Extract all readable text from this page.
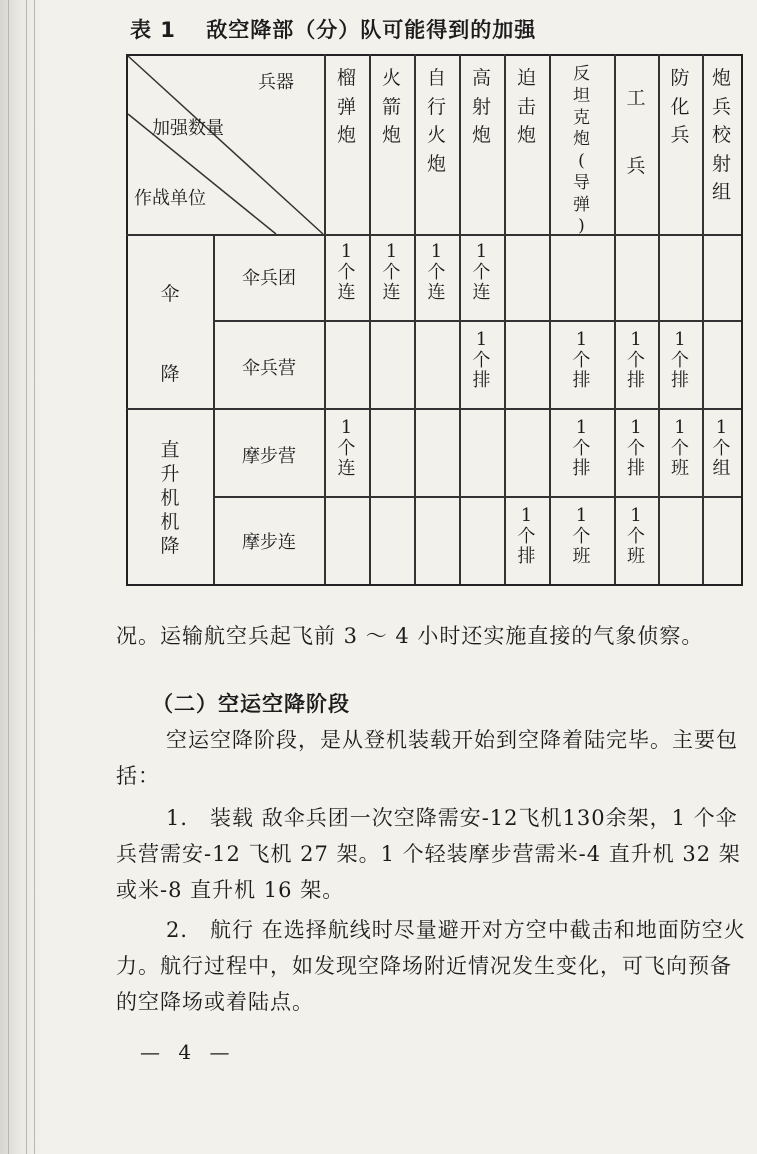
表 1 敌空降部（分）队可能得到的加强
兵器
加强数量
作战单位
榴
弹
炮
火
箭
炮
自
行
火
炮
高
射
炮
迫
击
炮
反
坦
克
炮
(
导
弹
)
工
兵
防
化
兵
炮
兵
校
射
组
伞
降
直
升
机
机
降
伞兵团
伞兵营
摩步营
摩步连
1
个
连
1
个
连
1
个
连
1
个
连
1
个
排
1
个
排
1
个
排
1
个
排
1
个
连
1
个
排
1
个
排
1
个
班
1
个
组
1
个
排
1
个
班
1
个
班
况。运输航空兵起飞前 3 ～ 4 小时还实施直接的气象侦察。
（二）空运空降阶段
空运空降阶段，是从登机装载开始到空降着陆完毕。主要包括：
1． 装载 敌伞兵团一次空降需安-12飞机130余架，1 个伞兵营需安-12 飞机 27 架。1 个轻装摩步营需米-4 直升机 32 架或米-8 直升机 16 架。
2． 航行 在选择航线时尽量避开对方空中截击和地面防空火力。航行过程中，如发现空降场附近情况发生变化，可飞向预备的空降场或着陆点。
— 4 —
